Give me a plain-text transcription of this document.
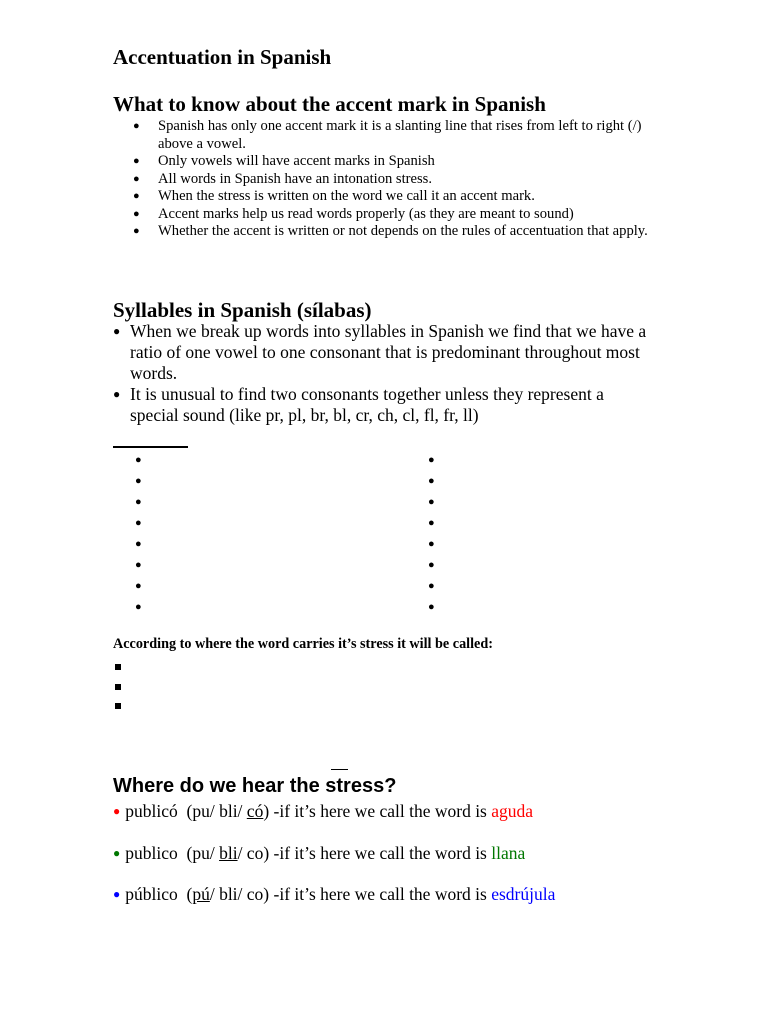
Accentuation in Spanish
What to know about the accent mark in Spanish
● Spanish has only one accent mark it is a slanting line that rises from left to right (/) above a vowel.
● Only vowels will have accent marks in Spanish
● All words in Spanish have an intonation stress.
● When the stress is written on the word we call it an accent mark.
● Accent marks help us read words properly (as they are meant to sound)
● Whether the accent is written or not depends on the rules of accentuation that apply.
Syllables in Spanish (sílabas)
● When we break up words into syllables in Spanish we find that we have a ratio of one vowel to one consonant that is predominant throughout most words.
● It is unusual to find two consonants together unless they represent a special sound (like pr, pl, br, bl, cr, ch, cl, fl, fr, ll)
●
●
●
●
●
●
●
●
●
●
●
●
●
●
●
●

According to where the word carries it’s stress it will be called:

Where do we hear the stress?

● publicó (pu/ bli/ có) -if it’s here we call the word is aguda

● publico (pu/ bli/ co) -if it’s here we call the word is llana

● público (pú/ bli/ co) -if it’s here we call the word is esdrújula
